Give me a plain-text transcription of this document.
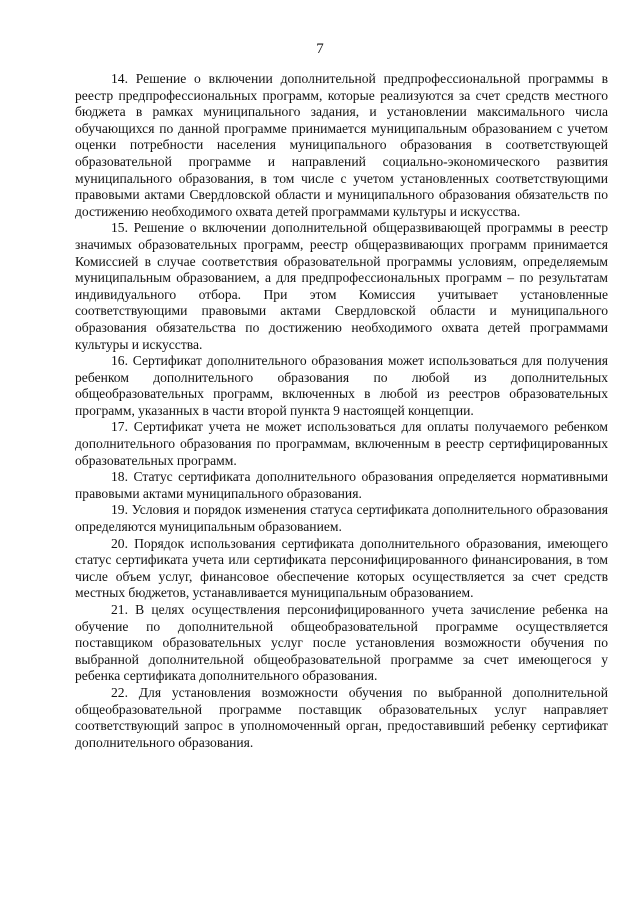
7

14. Решение о включении дополнительной предпрофессиональной программы в реестр предпрофессиональных программ, которые реализуются за счет средств местного бюджета в рамках муниципального задания, и установлении максимального числа обучающихся по данной программе принимается муниципальным образованием с учетом оценки потребности населения муниципального образования в соответствующей образовательной программе и направлений социально-экономического развития муниципального образования, в том числе с учетом установленных соответствующими правовыми актами Свердловской области и муниципального образования обязательств по достижению необходимого охвата детей программами культуры и искусства.

15. Решение о включении дополнительной общеразвивающей программы в реестр значимых образовательных программ, реестр общеразвивающих программ принимается Комиссией в случае соответствия образовательной программы условиям, определяемым муниципальным образованием, а для предпрофессиональных программ – по результатам индивидуального отбора. При этом Комиссия учитывает установленные соответствующими правовыми актами Свердловской области и муниципального образования обязательства по достижению необходимого охвата детей программами культуры и искусства.

16. Сертификат дополнительного образования может использоваться для получения ребенком дополнительного образования по любой из дополнительных общеобразовательных программ, включенных в любой из реестров образовательных программ, указанных в части второй пункта 9 настоящей концепции.

17. Сертификат учета не может использоваться для оплаты получаемого ребенком дополнительного образования по программам, включенным в реестр сертифицированных образовательных программ.

18. Статус сертификата дополнительного образования определяется нормативными правовыми актами муниципального образования.

19. Условия и порядок изменения статуса сертификата дополнительного образования определяются муниципальным образованием.

20. Порядок использования сертификата дополнительного образования, имеющего статус сертификата учета или сертификата персонифицированного финансирования, в том числе объем услуг, финансовое обеспечение которых осуществляется за счет средств местных бюджетов, устанавливается муниципальным образованием.

21. В целях осуществления персонифицированного учета зачисление ребенка на обучение по дополнительной общеобразовательной программе осуществляется поставщиком образовательных услуг после установления возможности обучения по выбранной дополнительной общеобразовательной программе за счет имеющегося у ребенка сертификата дополнительного образования.

22. Для установления возможности обучения по выбранной дополнительной общеобразовательной программе поставщик образовательных услуг направляет соответствующий запрос в уполномоченный орган, предоставивший ребенку сертификат дополнительного образования.
